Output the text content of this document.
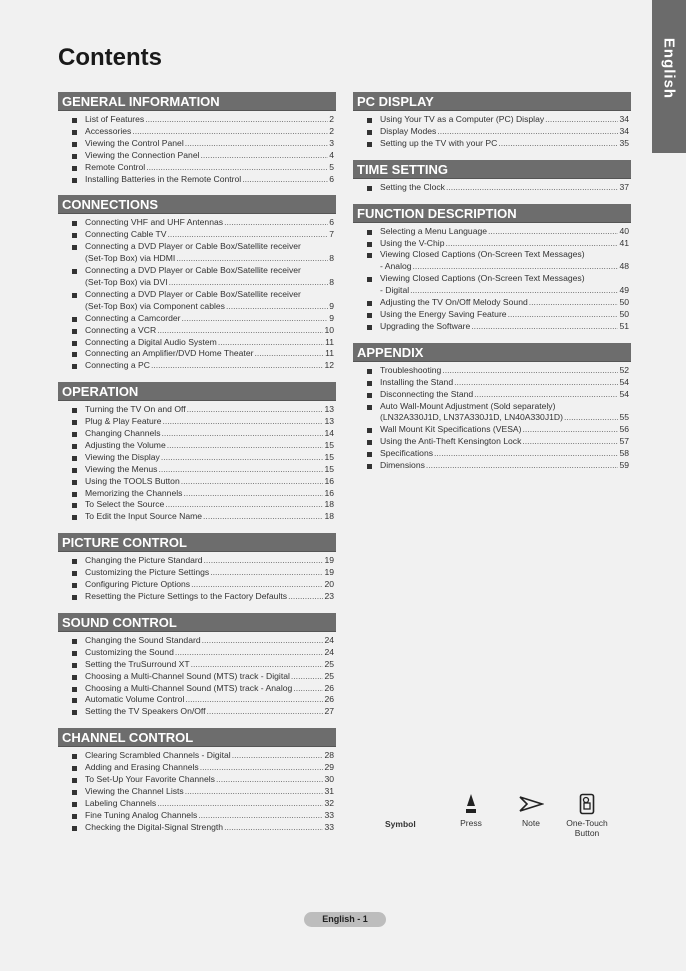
English
Contents
GENERAL INFORMATION
List of Features .....	2
Accessories .....	2
Viewing the Control Panel .....	3
Viewing the Connection Panel .....	4
Remote Control .....	5
Installing Batteries in the Remote Control .....	6
CONNECTIONS
Connecting VHF and UHF Antennas .....	6
Connecting Cable TV .....	7
Connecting a DVD Player or Cable Box/Satellite receiver
(Set-Top Box) via HDMI .....	8
Connecting a DVD Player or Cable Box/Satellite receiver
(Set-Top Box) via DVI .....	8
Connecting a DVD Player or Cable Box/Satellite receiver
(Set-Top Box) via Component cables .....	9
Connecting a Camcorder .....	9
Connecting a VCR .....	10
Connecting a Digital Audio System .....	11
Connecting an Amplifier/DVD Home Theater .....	11
Connecting a PC .....	12
OPERATION
Turning the TV On and Off .....	13
Plug & Play Feature .....	13
Changing Channels .....	14
Adjusting the Volume .....	15
Viewing the Display .....	15
Viewing the Menus .....	15
Using the TOOLS Button .....	16
Memorizing the Channels .....	16
To Select the Source .....	18
To Edit the Input Source Name .....	18
PICTURE CONTROL
Changing the Picture Standard .....	19
Customizing the Picture Settings .....	19
Configuring Picture Options .....	20
Resetting the Picture Settings to the Factory Defaults .....	23
SOUND CONTROL
Changing the Sound Standard .....	24
Customizing the Sound .....	24
Setting the TruSurround XT .....	25
Choosing a Multi-Channel Sound (MTS) track - Digital .....	25
Choosing a Multi-Channel Sound (MTS) track - Analog .....	26
Automatic Volume Control .....	26
Setting the TV Speakers On/Off .....	27
CHANNEL CONTROL
Clearing Scrambled Channels - Digital .....	28
Adding and Erasing Channels .....	29
To Set-Up Your Favorite Channels .....	30
Viewing the Channel Lists .....	31
Labeling Channels .....	32
Fine Tuning Analog Channels .....	33
Checking the Digital-Signal Strength .....	33
PC DISPLAY
Using Your TV as a Computer (PC) Display .....	34
Display Modes .....	34
Setting up the TV with your PC .....	35
TIME SETTING
Setting the Clock .....	37
FUNCTION DESCRIPTION
Selecting a Menu Language .....	40
Using the V-Chip .....	41
Viewing Closed Captions (On-Screen Text Messages)
- Analog .....	48
Viewing Closed Captions (On-Screen Text Messages)
- Digital .....	49
Adjusting the TV On/Off Melody Sound .....	50
Using the Energy Saving Feature .....	50
Upgrading the Software .....	51
APPENDIX
Troubleshooting .....	52
Installing the Stand .....	54
Disconnecting the Stand .....	54
Auto Wall-Mount Adjustment (Sold separately)
(LN32A330J1D, LN37A330J1D, LN40A330J1D) .....	55
Wall Mount Kit Specifications (VESA) .....	56
Using the Anti-Theft Kensington Lock .....	57
Specifications .....	58
Dimensions .....	59
Symbol	Press	Note	One-Touch Button
English - 1
